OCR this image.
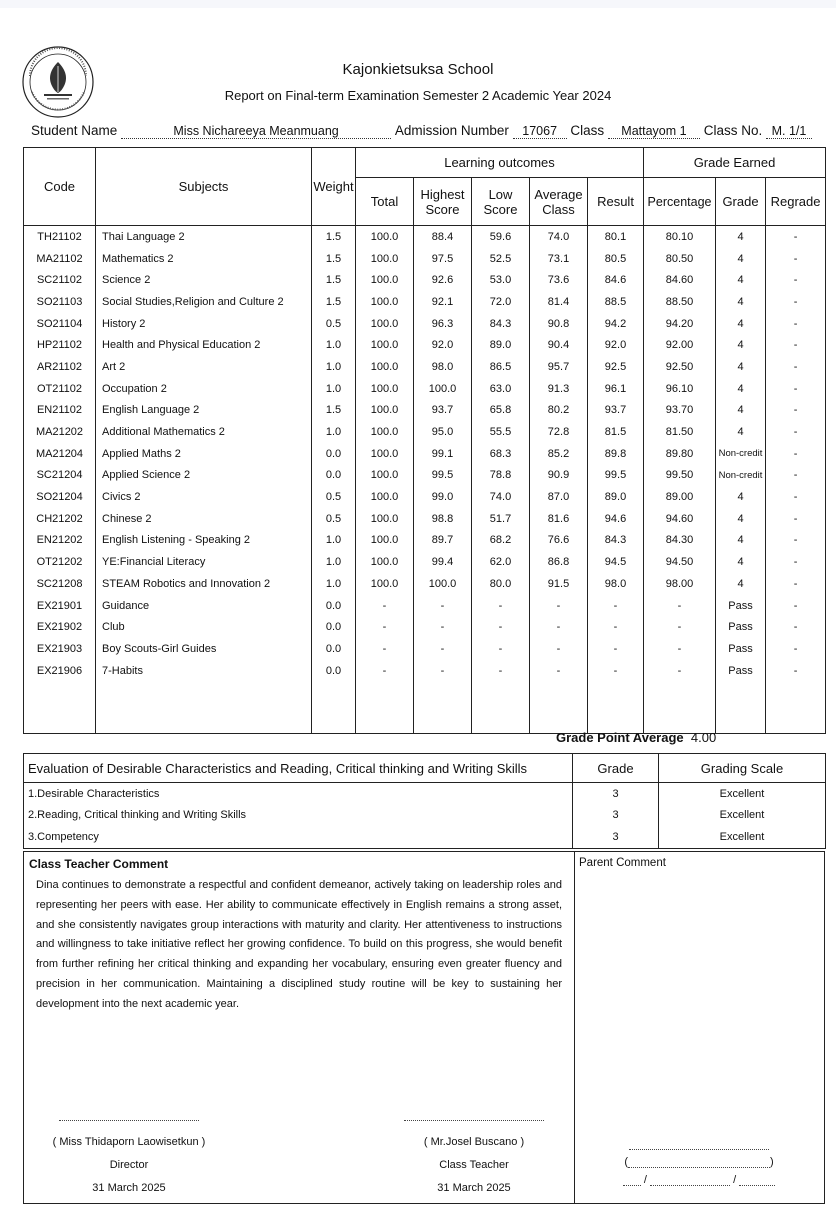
Kajonkietsuksa School
Report on Final-term Examination Semester 2 Academic Year 2024
Student Name	Miss Nichareeya Meanmuang	Admission Number 17067 Class Mattayom 1 Class No. M. 1/1
Code	Subjects	Weight	Learning outcomes					Grade Earned		
			Total	Highest Score	Low Score	Average Class	Result	Percentage	Grade	Regrade
TH21102	Thai Language 2	1.5	100.0	88.4	59.6	74.0	80.1	80.10	4	-
MA21102	Mathematics 2	1.5	100.0	97.5	52.5	73.1	80.5	80.50	4	-
SC21102	Science 2	1.5	100.0	92.6	53.0	73.6	84.6	84.60	4	-
SO21103	Social Studies,Religion and Culture 2	1.5	100.0	92.1	72.0	81.4	88.5	88.50	4	-
SO21104	History 2	0.5	100.0	96.3	84.3	90.8	94.2	94.20	4	-
HP21102	Health and Physical Education 2	1.0	100.0	92.0	89.0	90.4	92.0	92.00	4	-
AR21102	Art 2	1.0	100.0	98.0	86.5	95.7	92.5	92.50	4	-
OT21102	Occupation 2	1.0	100.0	100.0	63.0	91.3	96.1	96.10	4	-
EN21102	English Language 2	1.5	100.0	93.7	65.8	80.2	93.7	93.70	4	-
MA21202	Additional Mathematics 2	1.0	100.0	95.0	55.5	72.8	81.5	81.50	4	-
MA21204	Applied Maths 2	0.0	100.0	99.1	68.3	85.2	89.8	89.80	Non-credit	-
SC21204	Applied Science 2	0.0	100.0	99.5	78.8	90.9	99.5	99.50	Non-credit	-
SO21204	Civics 2	0.5	100.0	99.0	74.0	87.0	89.0	89.00	4	-
CH21202	Chinese 2	0.5	100.0	98.8	51.7	81.6	94.6	94.60	4	-
EN21202	English Listening - Speaking 2	1.0	100.0	89.7	68.2	76.6	84.3	84.30	4	-
OT21202	YE:Financial Literacy	1.0	100.0	99.4	62.0	86.8	94.5	94.50	4	-
SC21208	STEAM Robotics and Innovation 2	1.0	100.0	100.0	80.0	91.5	98.0	98.00	4	-
EX21901	Guidance	0.0	-	-	-	-	-	-	Pass	-
EX21902	Club	0.0	-	-	-	-	-	-	Pass	-
EX21903	Boy Scouts-Girl Guides	0.0	-	-	-	-	-	-	Pass	-
EX21906	7-Habits	0.0	-	-	-	-	-	-	Pass	-

Grade Point Average 4.00
Evaluation of Desirable Characteristics and Reading, Critical thinking and Writing Skills	Grade	Grading Scale
1.Desirable Characteristics	3	Excellent
2.Reading, Critical thinking and Writing Skills	3	Excellent
3.Competency	3	Excellent
Class Teacher Comment
Dina continues to demonstrate a respectful and confident demeanor, actively taking on leadership roles and representing her peers with ease. Her ability to communicate effectively in English remains a strong asset, and she consistently navigates group interactions with maturity and clarity. Her attentiveness to instructions and willingness to take initiative reflect her growing confidence. To build on this progress, she would benefit from further refining her critical thinking and expanding her vocabulary, ensuring even greater fluency and precision in her communication. Maintaining a disciplined study routine will be key to sustaining her development into the next academic year.
( Miss Thidaporn Laowisetkun )
Director
31 March 2025
( Mr.Josel Buscano )
Class Teacher
31 March 2025
Parent Comment
(	)
/	/
